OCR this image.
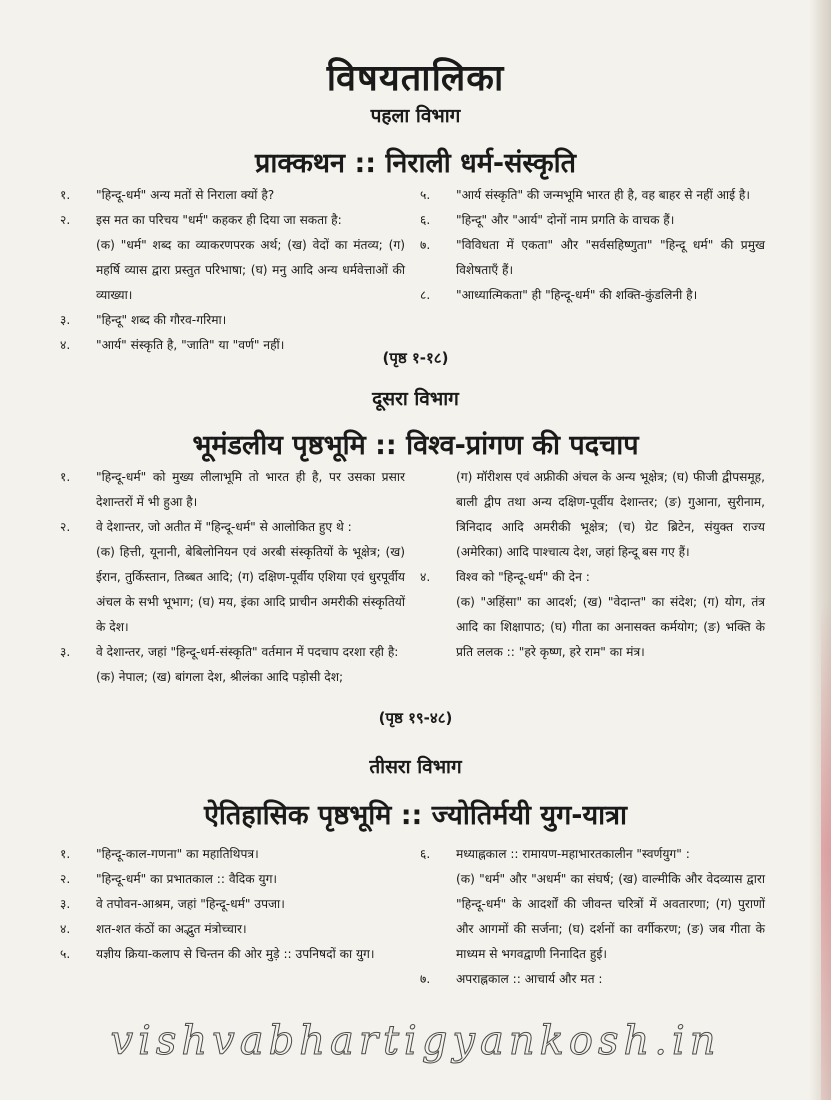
विषयतालिका
पहला विभाग
प्राक्कथन :: निराली धर्म-संस्कृति
१.	"हिन्दू-धर्म" अन्य मतों से निराला क्यों है?
२.	इस मत का परिचय "धर्म" कहकर ही दिया जा सकता है:
(क) "धर्म" शब्द का व्याकरणपरक अर्थ; (ख) वेदों का मंतव्य; (ग) महर्षि व्यास द्वारा प्रस्तुत परिभाषा; (घ) मनु आदि अन्य धर्मवेत्ताओं की व्याख्या।
३.	"हिन्दू" शब्द की गौरव-गरिमा।
४.	"आर्य" संस्कृति है, "जाति" या "वर्ण" नहीं।
५.	"आर्य संस्कृति" की जन्मभूमि भारत ही है, वह बाहर से नहीं आई है।
६.	"हिन्दू" और "आर्य" दोनों नाम प्रगति के वाचक हैं।
७.	"विविधता में एकता" और "सर्वसहिष्णुता" "हिन्दू धर्म" की प्रमुख विशेषताएँ हैं।
८.	"आध्यात्मिकता" ही "हिन्दू-धर्म" की शक्ति-कुंडलिनी है।
(पृष्ठ १-१८)
दूसरा विभाग
भूमंडलीय पृष्ठभूमि :: विश्व-प्रांगण की पदचाप
१.	"हिन्दू-धर्म" को मुख्य लीलाभूमि तो भारत ही है, पर उसका प्रसार देशान्तरों में भी हुआ है।
२.	वे देशान्तर, जो अतीत में "हिन्दू-धर्म" से आलोकित हुए थे :
(क) हित्ती, यूनानी, बेबिलोनियन एवं अरबी संस्कृतियों के भूक्षेत्र; (ख) ईरान, तुर्किस्तान, तिब्बत आदि; (ग) दक्षिण-पूर्वीय एशिया एवं धुरपूर्वीय अंचल के सभी भूभाग; (घ) मय, इंका आदि प्राचीन अमरीकी संस्कृतियों के देश।
३.	वे देशान्तर, जहां "हिन्दू-धर्म-संस्कृति" वर्तमान में पदचाप दरशा रही है:
(क) नेपाल; (ख) बांगला देश, श्रीलंका आदि पड़ोसी देश;
(ग) मॉरीशस एवं अफ्रीकी अंचल के अन्य भूक्षेत्र; (घ) फीजी द्वीपसमूह, बाली द्वीप तथा अन्य दक्षिण-पूर्वीय देशान्तर; (ङ) गुआना, सुरीनाम, त्रिनिदाद आदि अमरीकी भूक्षेत्र; (च) ग्रेट ब्रिटेन, संयुक्त राज्य (अमेरिका) आदि पाश्चात्य देश, जहां हिन्दू बस गए हैं।
४.	विश्व को "हिन्दू-धर्म" की देन :
(क) "अहिंसा" का आदर्श; (ख) "वेदान्त" का संदेश; (ग) योग, तंत्र आदि का शिक्षापाठ; (घ) गीता का अनासक्त कर्मयोग; (ङ) भक्ति के प्रति ललक :: "हरे कृष्ण, हरे राम" का मंत्र।
(पृष्ठ १९-४८)
तीसरा विभाग
ऐतिहासिक पृष्ठभूमि :: ज्योतिर्मयी युग-यात्रा
१.	"हिन्दू-काल-गणना" का महातिथिपत्र।
२.	"हिन्दू-धर्म" का प्रभातकाल :: वैदिक युग।
३.	वे तपोवन-आश्रम, जहां "हिन्दू-धर्म" उपजा।
४.	शत-शत कंठों का अद्भुत मंत्रोच्चार।
५.	यज्ञीय क्रिया-कलाप से चिन्तन की ओर मुड़े :: उपनिषदों का युग।
६.	मध्याह्नकाल :: रामायण-महाभारतकालीन "स्वर्णयुग" :
(क) "धर्म" और "अधर्म" का संघर्ष; (ख) वाल्मीकि और वेदव्यास द्वारा "हिन्दू-धर्म" के आदर्शों की जीवन्त चरित्रों में अवतारणा; (ग) पुराणों और आगमों की सर्जना; (घ) दर्शनों का वर्गीकरण; (ङ) जब गीता के माध्यम से भगवद्वाणी निनादित हुई।
७.	अपराह्नकाल :: आचार्य और मत :
vishvabhartigyankosh.in
